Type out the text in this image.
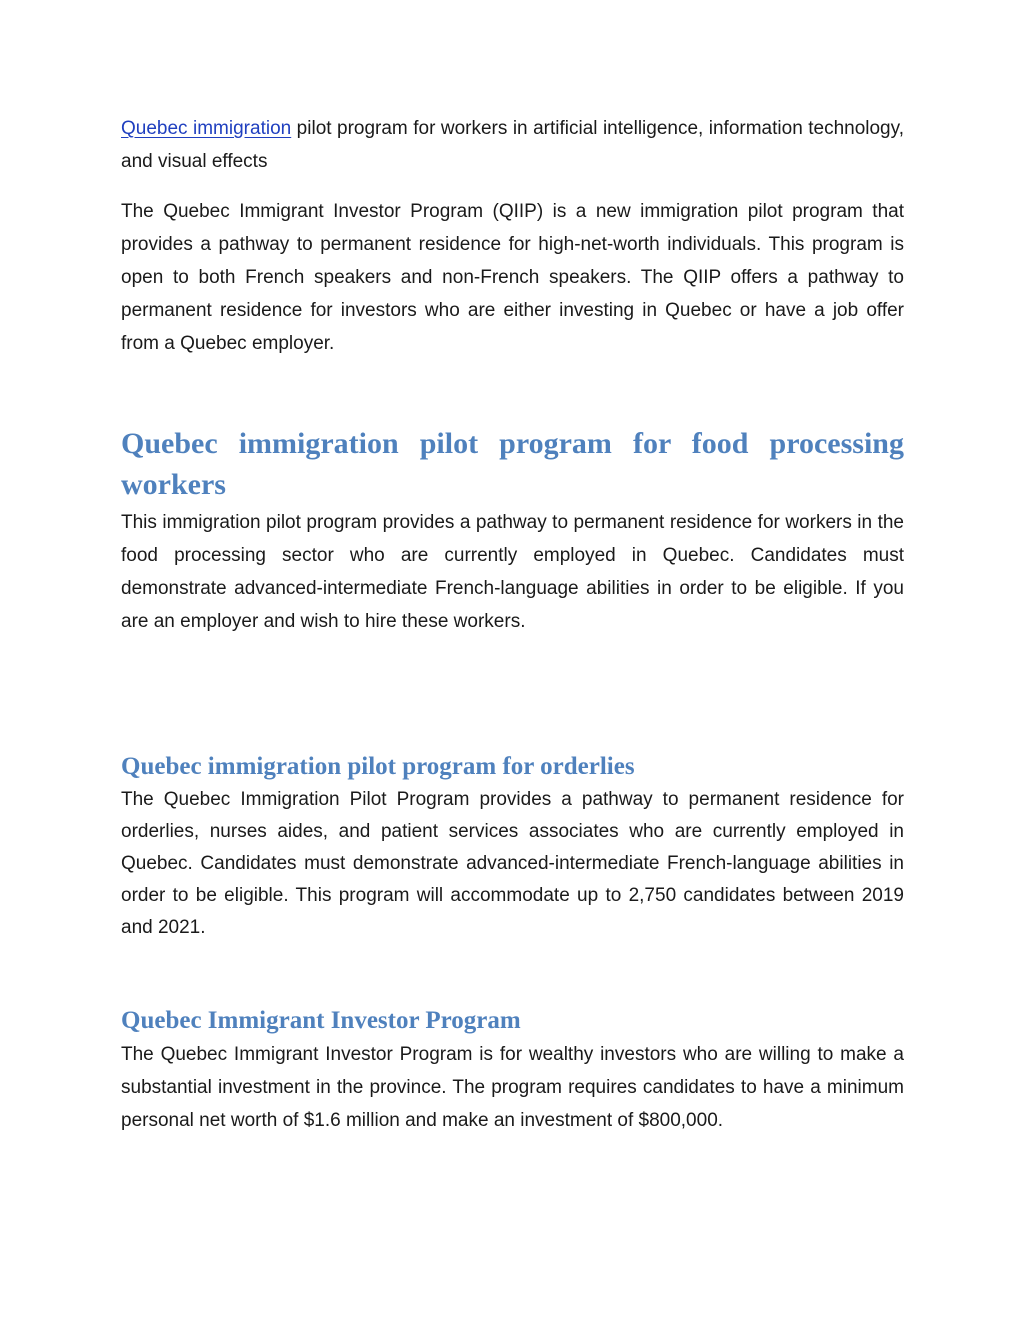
Quebec immigration pilot program for workers in artificial intelligence, information technology, and visual effects

The Quebec Immigrant Investor Program (QIIP) is a new immigration pilot program that provides a pathway to permanent residence for high-net-worth individuals. This program is open to both French speakers and non-French speakers. The QIIP offers a pathway to permanent residence for investors who are either investing in Quebec or have a job offer from a Quebec employer.

Quebec immigration pilot program for food processing workers

This immigration pilot program provides a pathway to permanent residence for workers in the food processing sector who are currently employed in Quebec. Candidates must demonstrate advanced-intermediate French-language abilities in order to be eligible. If you are an employer and wish to hire these workers.

Quebec immigration pilot program for orderlies

The Quebec Immigration Pilot Program provides a pathway to permanent residence for orderlies, nurses aides, and patient services associates who are currently employed in Quebec. Candidates must demonstrate advanced-intermediate French-language abilities in order to be eligible. This program will accommodate up to 2,750 candidates between 2019 and 2021.

Quebec Immigrant Investor Program

The Quebec Immigrant Investor Program is for wealthy investors who are willing to make a substantial investment in the province. The program requires candidates to have a minimum personal net worth of $1.6 million and make an investment of $800,000.
